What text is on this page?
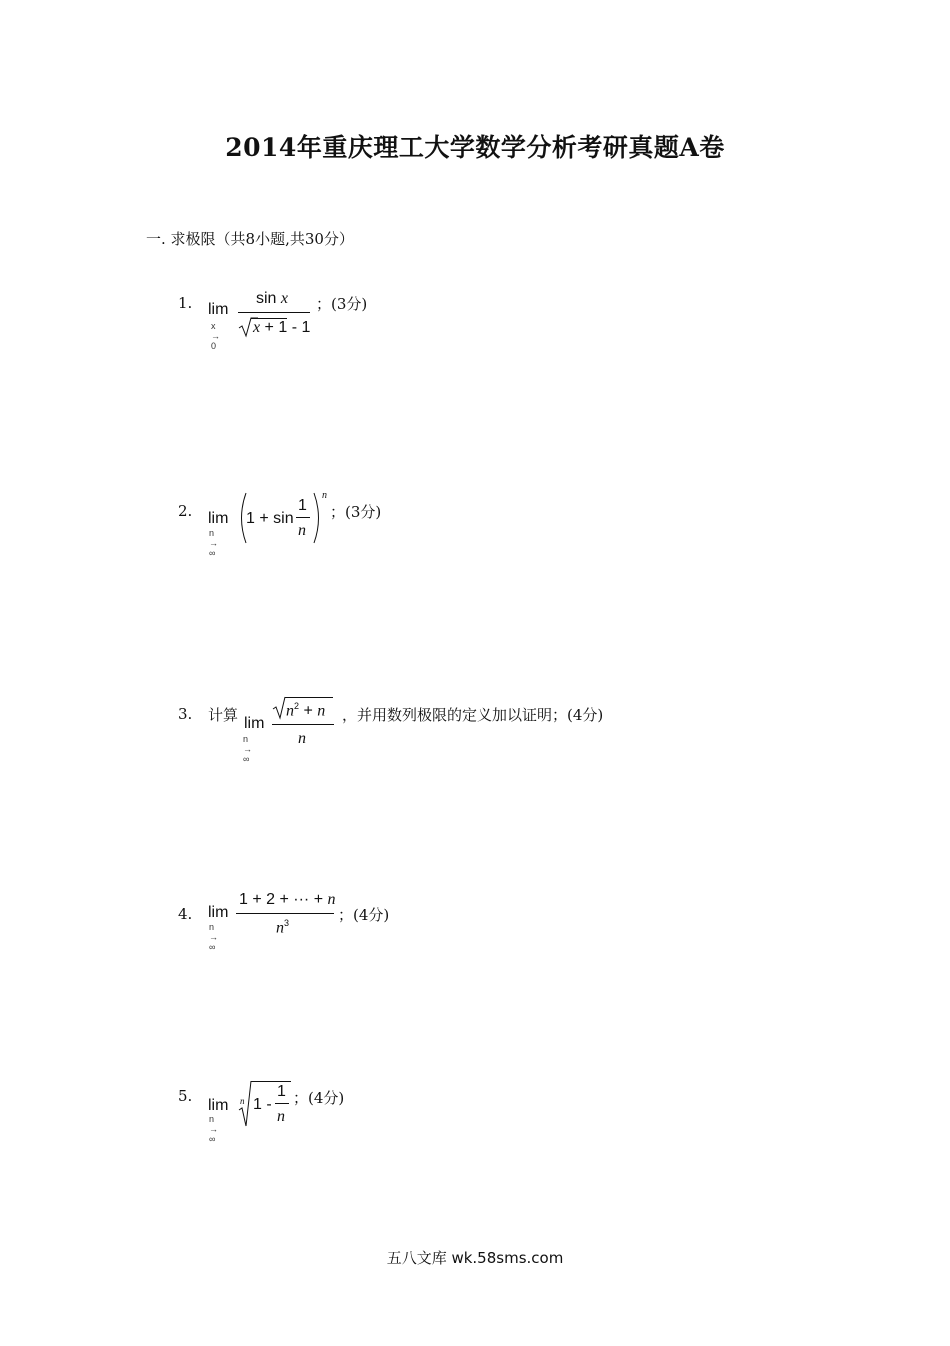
2014年重庆理工大学数学分析考研真题A卷
一. 求极限（共8小题,共30分）
1. lim
x → 0
sin x
x + 1 - 1
；(3分)
2. lim
n → ∞
1 + sin
1
n
n
；(3分)
3. 计算 lim
n → ∞
$n^2 + n$
n
，并用数列极限的定义加以证明；(4分)
4. lim
n → ∞
1 + 2 + ··· + n
$n^3$	；(4分)
5.
lim
n → ∞
n 1 -
1
n
；(4分)
五八文库 wk.58sms.com
